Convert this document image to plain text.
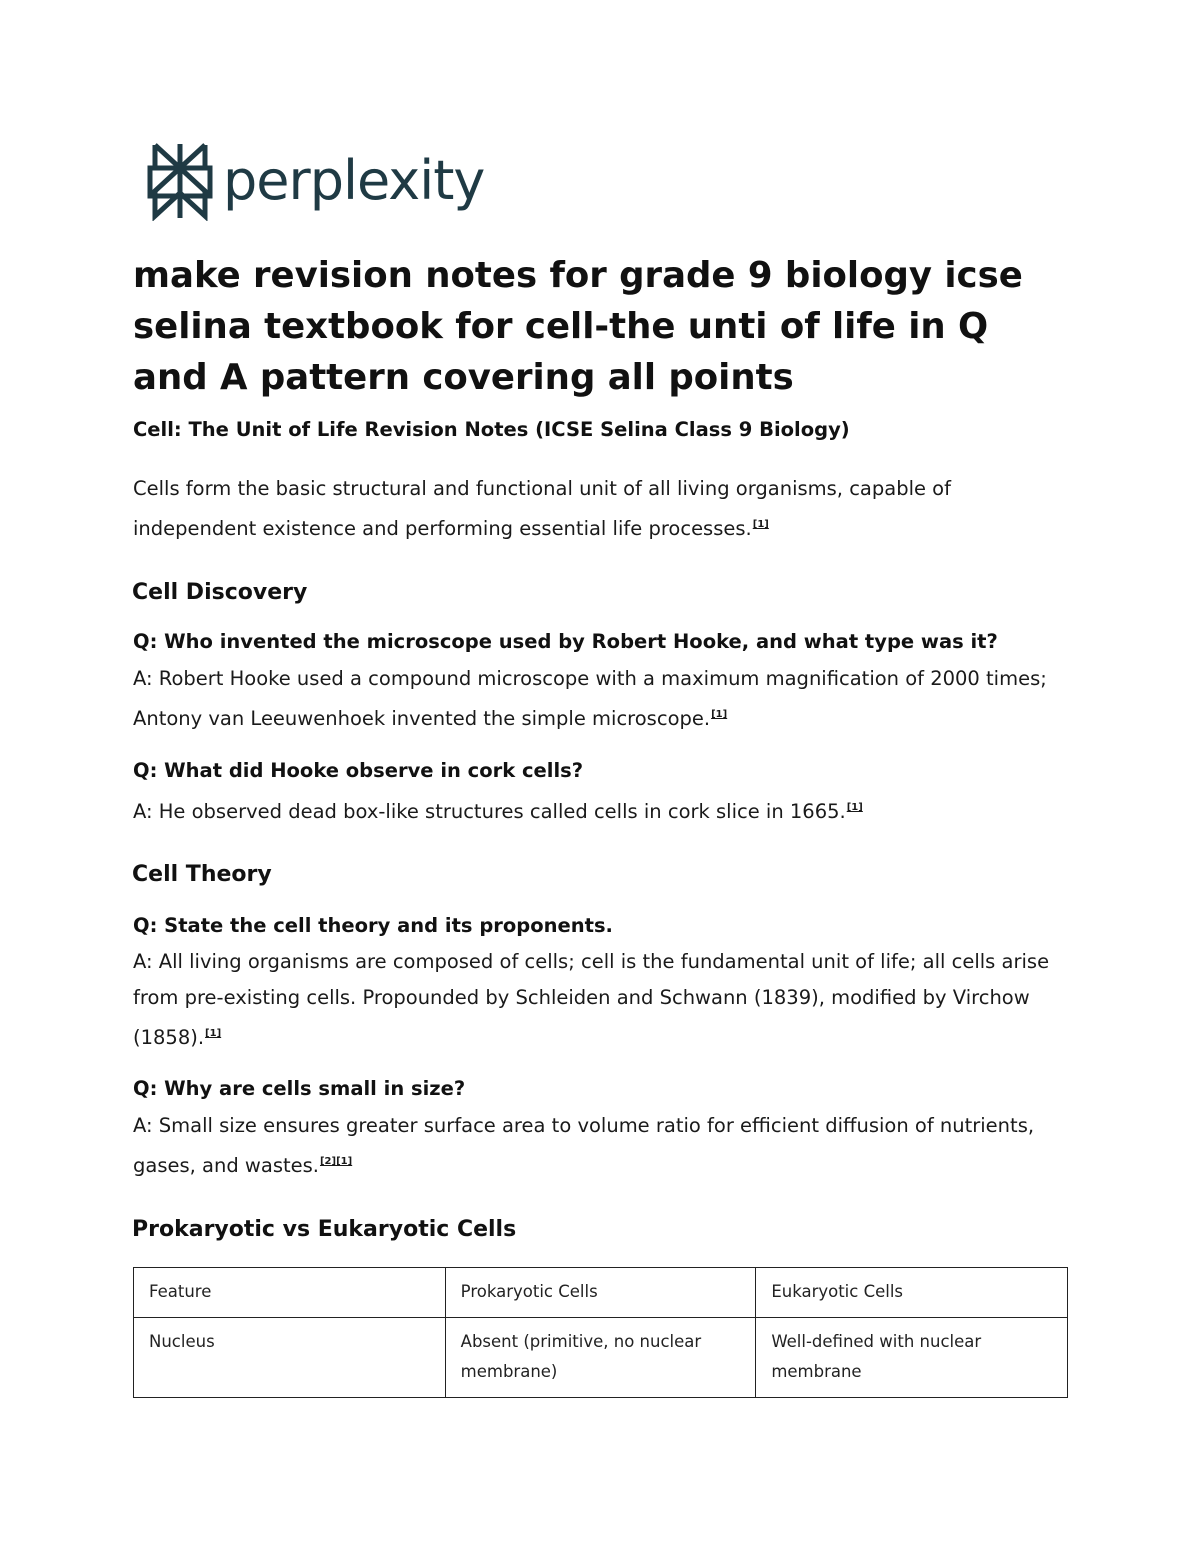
perplexity
make revision notes for grade 9 biology icse selina textbook for cell-the unti of life in Q and A pattern covering all points

Cell: The Unit of Life Revision Notes (ICSE Selina Class 9 Biology)

Cells form the basic structural and functional unit of all living organisms, capable of independent existence and performing essential life processes.[1]

Cell Discovery

Q: Who invented the microscope used by Robert Hooke, and what type was it?

A: Robert Hooke used a compound microscope with a maximum magnification of 2000 times; Antony van Leeuwenhoek invented the simple microscope.[1]

Q: What did Hooke observe in cork cells?

A: He observed dead box-like structures called cells in cork slice in 1665.[1]

Cell Theory

Q: State the cell theory and its proponents.

A: All living organisms are composed of cells; cell is the fundamental unit of life; all cells arise from pre-existing cells. Propounded by Schleiden and Schwann (1839), modified by Virchow (1858).[1]

Q: Why are cells small in size?

A: Small size ensures greater surface area to volume ratio for efficient diffusion of nutrients, gases, and wastes.[2][1]

Prokaryotic vs Eukaryotic Cells
Feature	Prokaryotic Cells	Eukaryotic Cells
Nucleus	Absent (primitive, no nuclear membrane)	Well-defined with nuclear membrane
